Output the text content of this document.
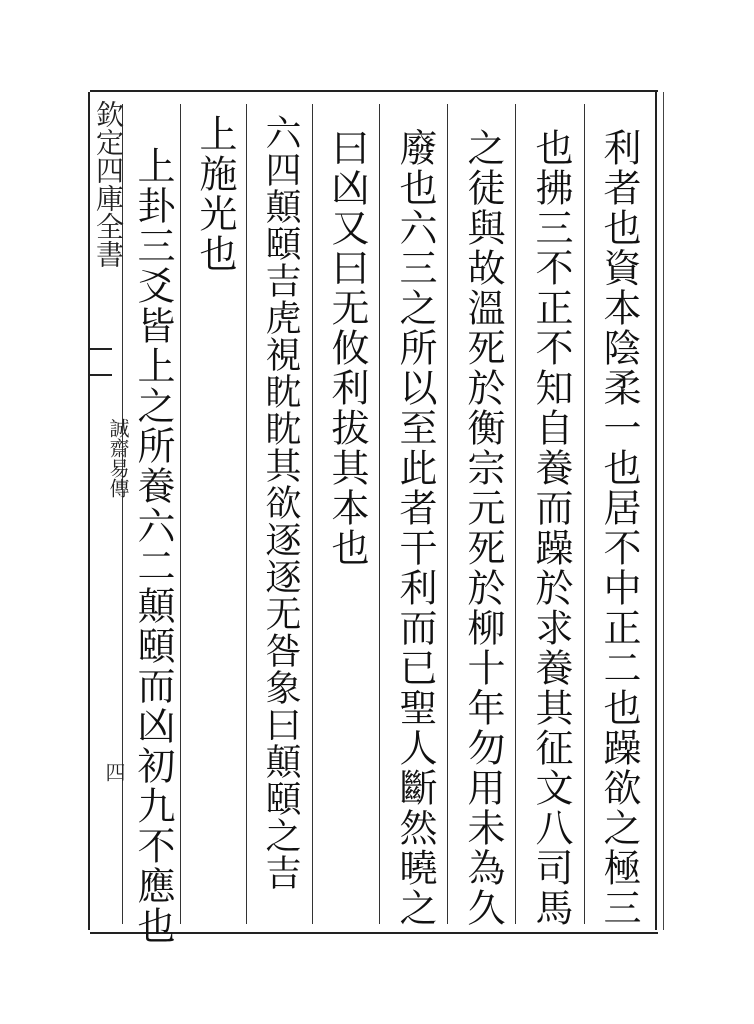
欽定四庫全書
誠齋易傳
四	利者也資本陰柔一也居不中正二也躁欲之極三
也拂三不正不知自養而躁於求養其征文八司馬
之徒與故溫死於衡宗元死於柳十年勿用未為久
廢也六三之所以至此者干利而已聖人斷然曉之
曰凶又曰无攸利拔其本也
六四顛頤吉虎視眈眈其欲逐逐无咎象曰顛頤之吉
上施光也
上卦三爻皆上之所養六二顛頤而凶初九不應也
